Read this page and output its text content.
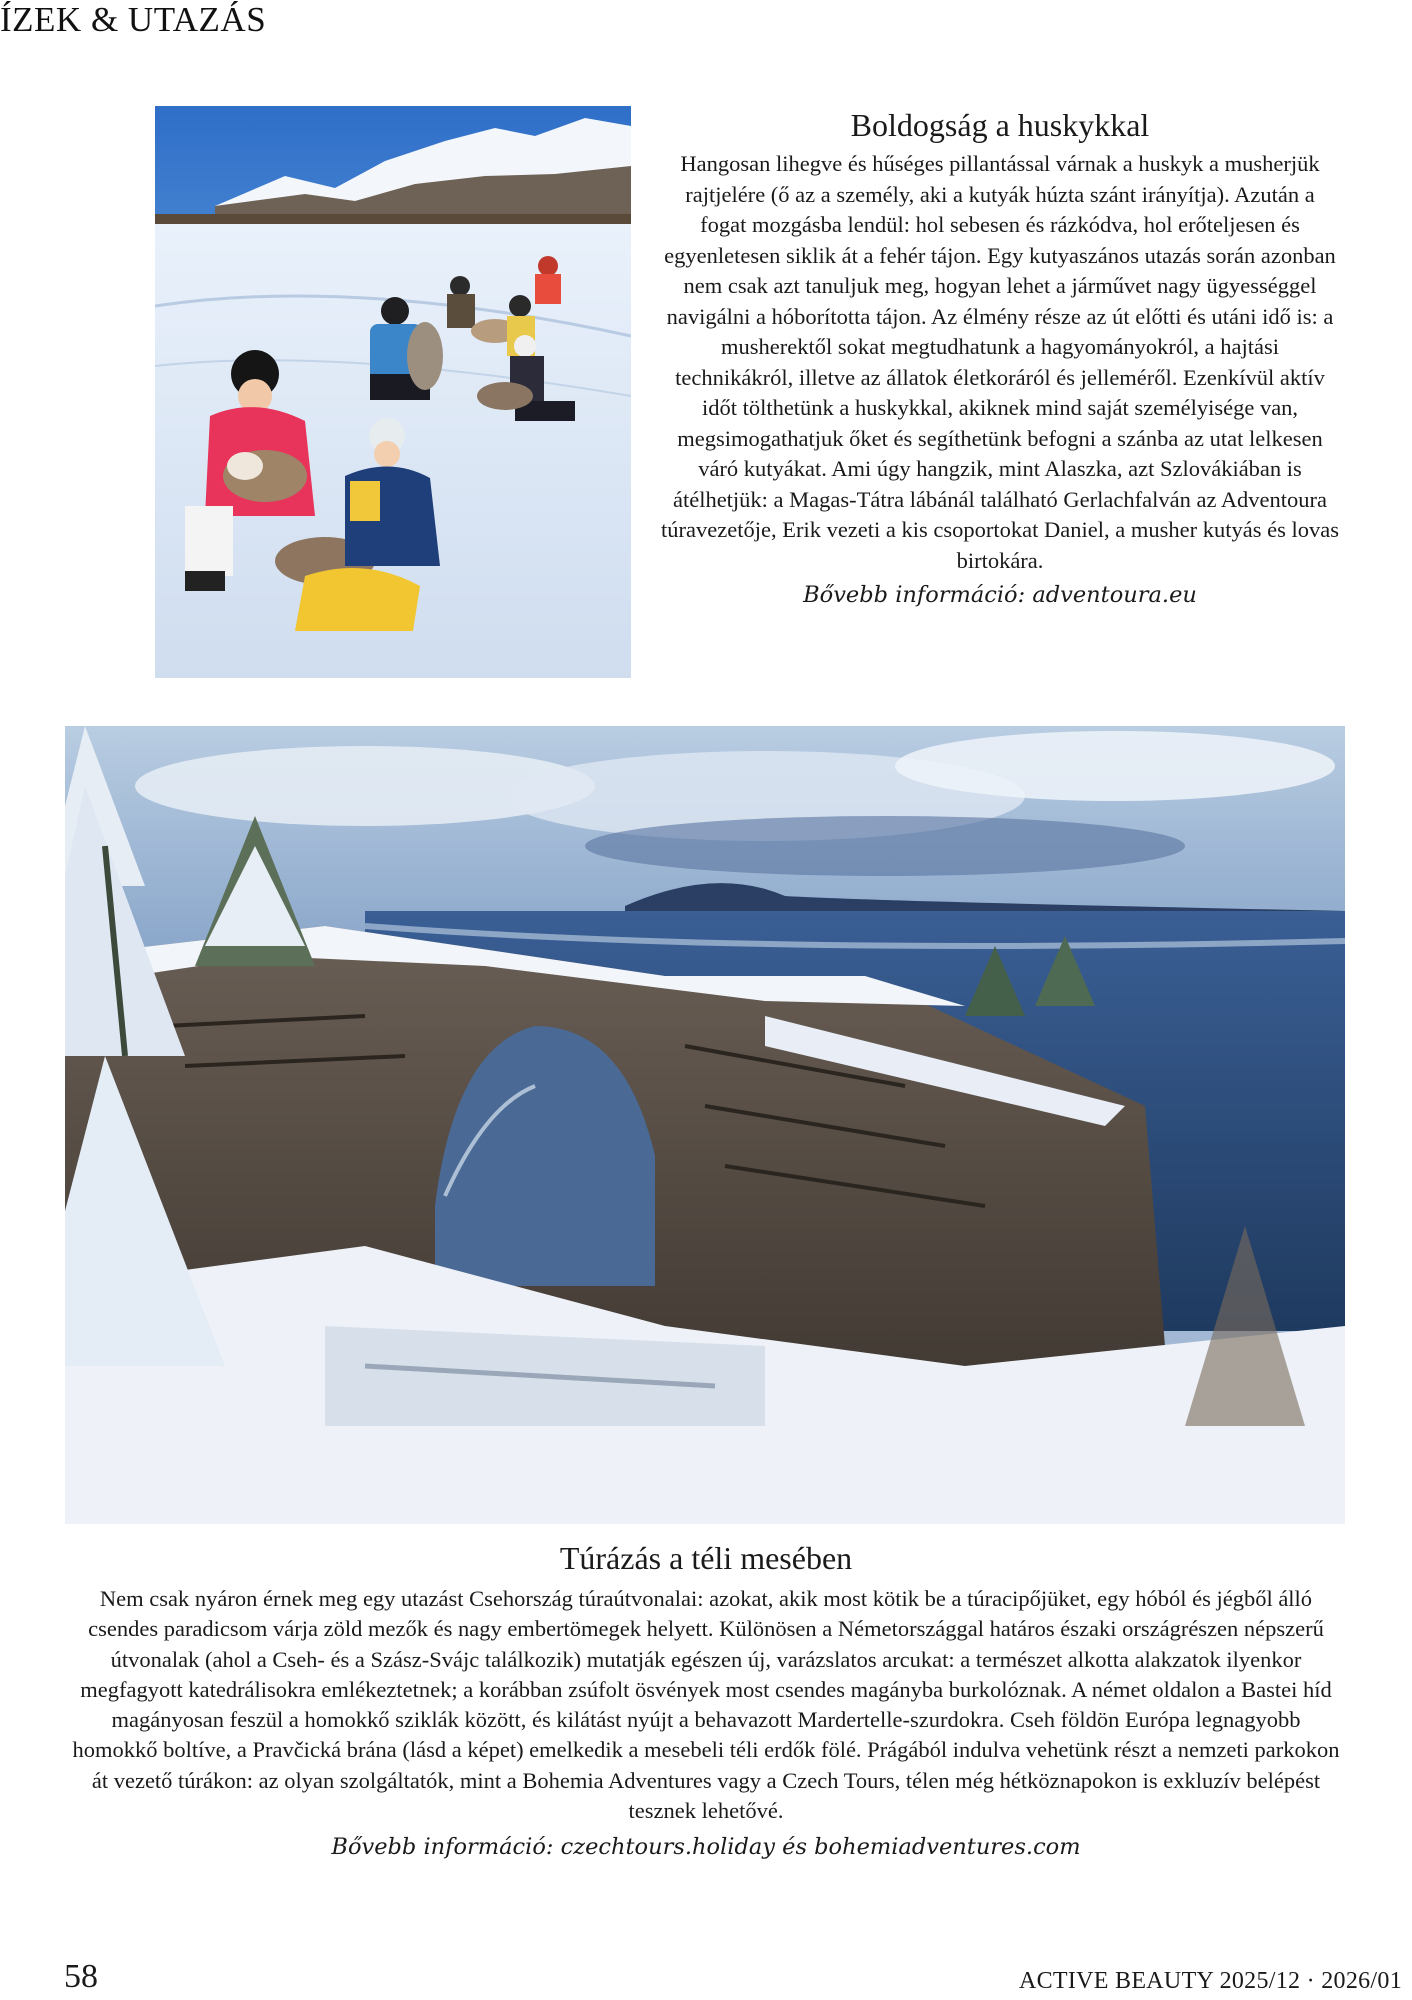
ÍZEK & UTAZÁS
Boldogság a huskykkal

Hangosan lihegve és hűséges pillantással várnak a huskyk a musherjük rajtjelére (ő az a személy, aki a kutyák húzta szánt irányítja). Azután a fogat mozgásba lendül: hol sebesen és rázkódva, hol erőteljesen és egyenletesen siklik át a fehér tájon. Egy kutyaszános utazás során azonban nem csak azt tanuljuk meg, hogyan lehet a járművet nagy ügyességgel navigálni a hóborította tájon. Az élmény része az út előtti és utáni idő is: a musherektől sokat megtudhatunk a hagyományokról, a hajtási technikákról, illetve az állatok életkoráról és jelleméről. Ezenkívül aktív időt tölthetünk a huskykkal, akiknek mind saját személyisége van, megsimogathatjuk őket és segíthetünk befogni a szánba az utat lelkesen váró kutyákat. Ami úgy hangzik, mint Alaszka, azt Szlovákiában is átélhetjük: a Magas-Tátra lábánál található Gerlachfalván az Adventoura túravezetője, Erik vezeti a kis csoportokat Daniel, a musher kutyás és lovas birtokára.

Bővebb információ: adventoura.eu
Túrázás a téli mesében

Nem csak nyáron érnek meg egy utazást Csehország túraútvonalai: azokat, akik most kötik be a túracipőjüket, egy hóból és jégből álló csendes paradicsom várja zöld mezők és nagy embertömegek helyett. Különösen a Németországgal határos északi országrészen népszerű útvonalak (ahol a Cseh- és a Szász-Svájc találkozik) mutatják egészen új, varázslatos arcukat: a természet alkotta alakzatok ilyenkor megfagyott katedrálisokra emlékeztetnek; a korábban zsúfolt ösvények most csendes magányba burkolóznak. A német oldalon a Bastei híd magányosan feszül a homokkő sziklák között, és kilátást nyújt a behavazott Mardertelle-szurdokra. Cseh földön Európa legnagyobb homokkő boltíve, a Pravčická brána (lásd a képet) emelkedik a mesebeli téli erdők fölé. Prágából indulva vehetünk részt a nemzeti parkokon át vezető túrákon: az olyan szolgáltatók, mint a Bohemia Adventures vagy a Czech Tours, télen még hétköznapokon is exkluzív belépést tesznek lehetővé.

Bővebb információ: czechtours.holiday és bohemiadventures.com
58	ACTIVE BEAUTY 2025/12 · 2026/01
